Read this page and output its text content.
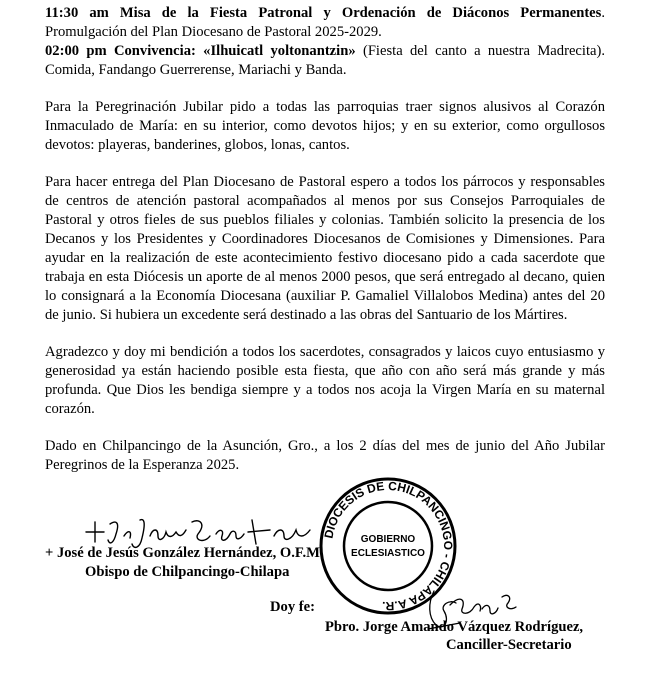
11:30 am Misa de la Fiesta Patronal y Ordenación de Diáconos Permanentes. Promulgación del Plan Diocesano de Pastoral 2025-2029.

02:00 pm Convivencia: «Ilhuicatl yoltonantzin» (Fiesta del canto a nuestra Madrecita). Comida, Fandango Guerrerense, Mariachi y Banda.

Para la Peregrinación Jubilar pido a todas las parroquias traer signos alusivos al Corazón Inmaculado de María: en su interior, como devotos hijos; y en su exterior, como orgullosos devotos: playeras, banderines, globos, lonas, cantos.

Para hacer entrega del Plan Diocesano de Pastoral espero a todos los párrocos y responsables de centros de atención pastoral acompañados al menos por sus Consejos Parroquiales de Pastoral y otros fieles de sus pueblos filiales y colonias. También solicito la presencia de los Decanos y los Presidentes y Coordinadores Diocesanos de Comisiones y Dimensiones. Para ayudar en la realización de este acontecimiento festivo diocesano pido a cada sacerdote que trabaja en esta Diócesis un aporte de al menos 2000 pesos, que será entregado al decano, quien lo consignará a la Economía Diocesana (auxiliar P. Gamaliel Villalobos Medina) antes del 20 de junio. Si hubiera un excedente será destinado a las obras del Santuario de los Mártires.

Agradezco y doy mi bendición a todos los sacerdotes, consagrados y laicos cuyo entusiasmo y generosidad ya están haciendo posible esta fiesta, que año con año será más grande y más profunda. Que Dios les bendiga siempre y a todos nos acoja la Virgen María en su maternal corazón.

Dado en Chilpancingo de la Asunción, Gro., a los 2 días del mes de junio del Año Jubilar Peregrinos de la Esperanza 2025.

DIOCESIS DE CHILPANCINGO - CHILAPA A.R.
GOBIERNO
ECLESIASTICO
+ José de Jesús González Hernández, O.F.M.
Obispo de Chilpancingo-Chilapa
Doy fe:
Pbro. Jorge Amando Vázquez Rodríguez,
Canciller-Secretario
